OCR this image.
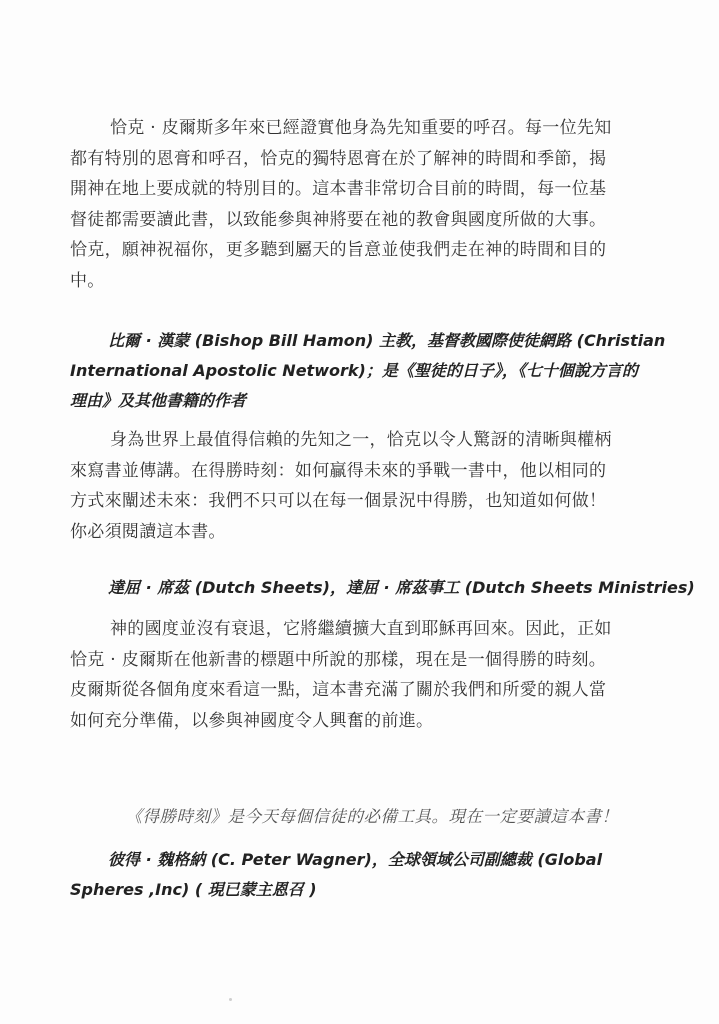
恰克 · 皮爾斯多年來已經證實他身為先知重要的呼召。每一位先知
都有特別的恩膏和呼召，恰克的獨特恩膏在於了解神的時間和季節，揭
開神在地上要成就的特別目的。這本書非常切合目前的時間，每一位基
督徒都需要讀此書，以致能參與神將要在祂的教會與國度所做的大事。
恰克，願神祝福你，更多聽到屬天的旨意並使我們走在神的時間和目的
中。

比爾 · 漢蒙 (Bishop Bill Hamon) 主教，基督教國際使徒網路 (Christian
International Apostolic Network)；是《聖徒的日子》，《七十個說方言的
理由》及其他書籍的作者

身為世界上最值得信賴的先知之一，恰克以令人驚訝的清晰與權柄
來寫書並傳講。在得勝時刻：如何贏得未來的爭戰一書中，他以相同的
方式來闡述未來：我們不只可以在每一個景況中得勝，也知道如何做！
你必須閱讀這本書。

達屈 · 席茲 (Dutch Sheets)，達屈 · 席茲事工 (Dutch Sheets Ministries)

神的國度並沒有衰退，它將繼續擴大直到耶穌再回來。因此，正如
恰克 · 皮爾斯在他新書的標題中所說的那樣，現在是一個得勝的時刻。
皮爾斯從各個角度來看這一點，這本書充滿了關於我們和所愛的親人當
如何充分準備，以參與神國度令人興奮的前進。

《得勝時刻》是今天每個信徒的必備工具。現在一定要讀這本書！

彼得 · 魏格納 (C. Peter Wagner)，全球領域公司副總裁 (Global
Spheres ,Inc) ( 現已蒙主恩召 )
